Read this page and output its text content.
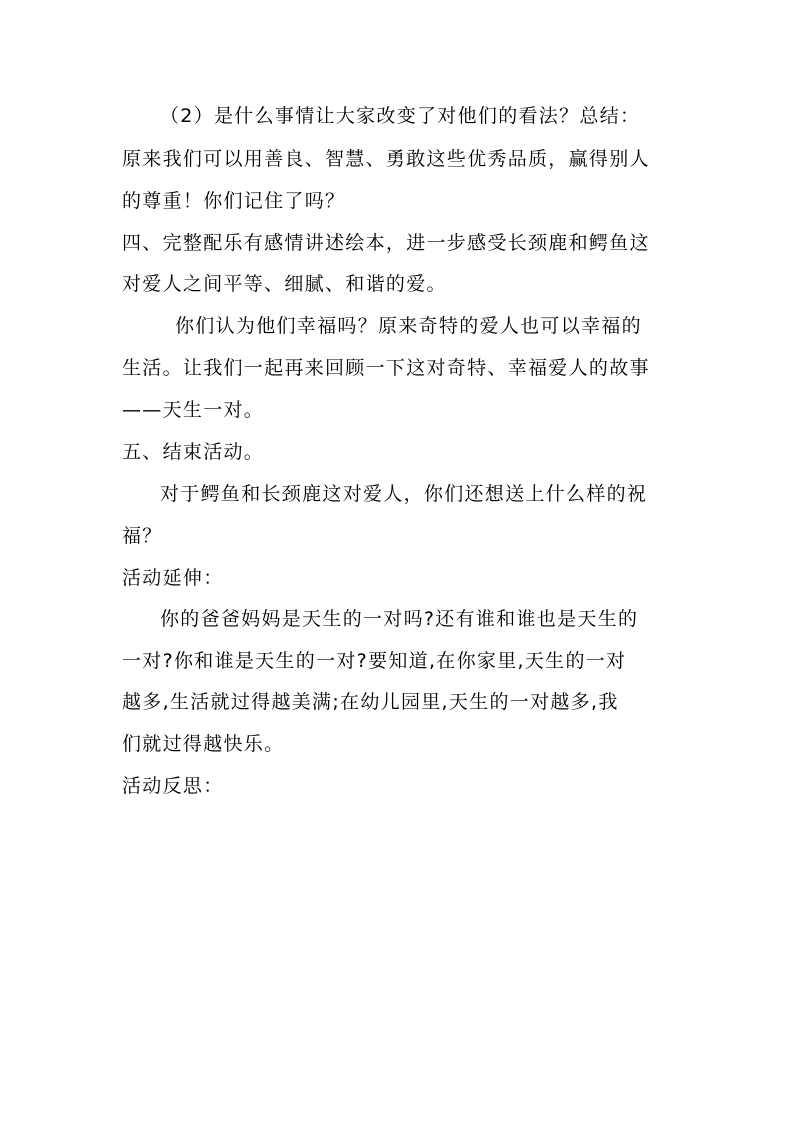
（2）是什么事情让大家改变了对他们的看法？总结：
原来我们可以用善良、智慧、勇敢这些优秀品质，赢得别人
的尊重！你们记住了吗？
四、完整配乐有感情讲述绘本，进一步感受长颈鹿和鳄鱼这
对爱人之间平等、细腻、和谐的爱。
你们认为他们幸福吗？原来奇特的爱人也可以幸福的
生活。让我们一起再来回顾一下这对奇特、幸福爱人的故事
——天生一对。
五、结束活动。
对于鳄鱼和长颈鹿这对爱人，你们还想送上什么样的祝
福？
活动延伸：
你的爸爸妈妈是天生的一对吗?还有谁和谁也是天生的
一对?你和谁是天生的一对?要知道,在你家里,天生的一对
越多,生活就过得越美满;在幼儿园里,天生的一对越多,我
们就过得越快乐。
活动反思：
